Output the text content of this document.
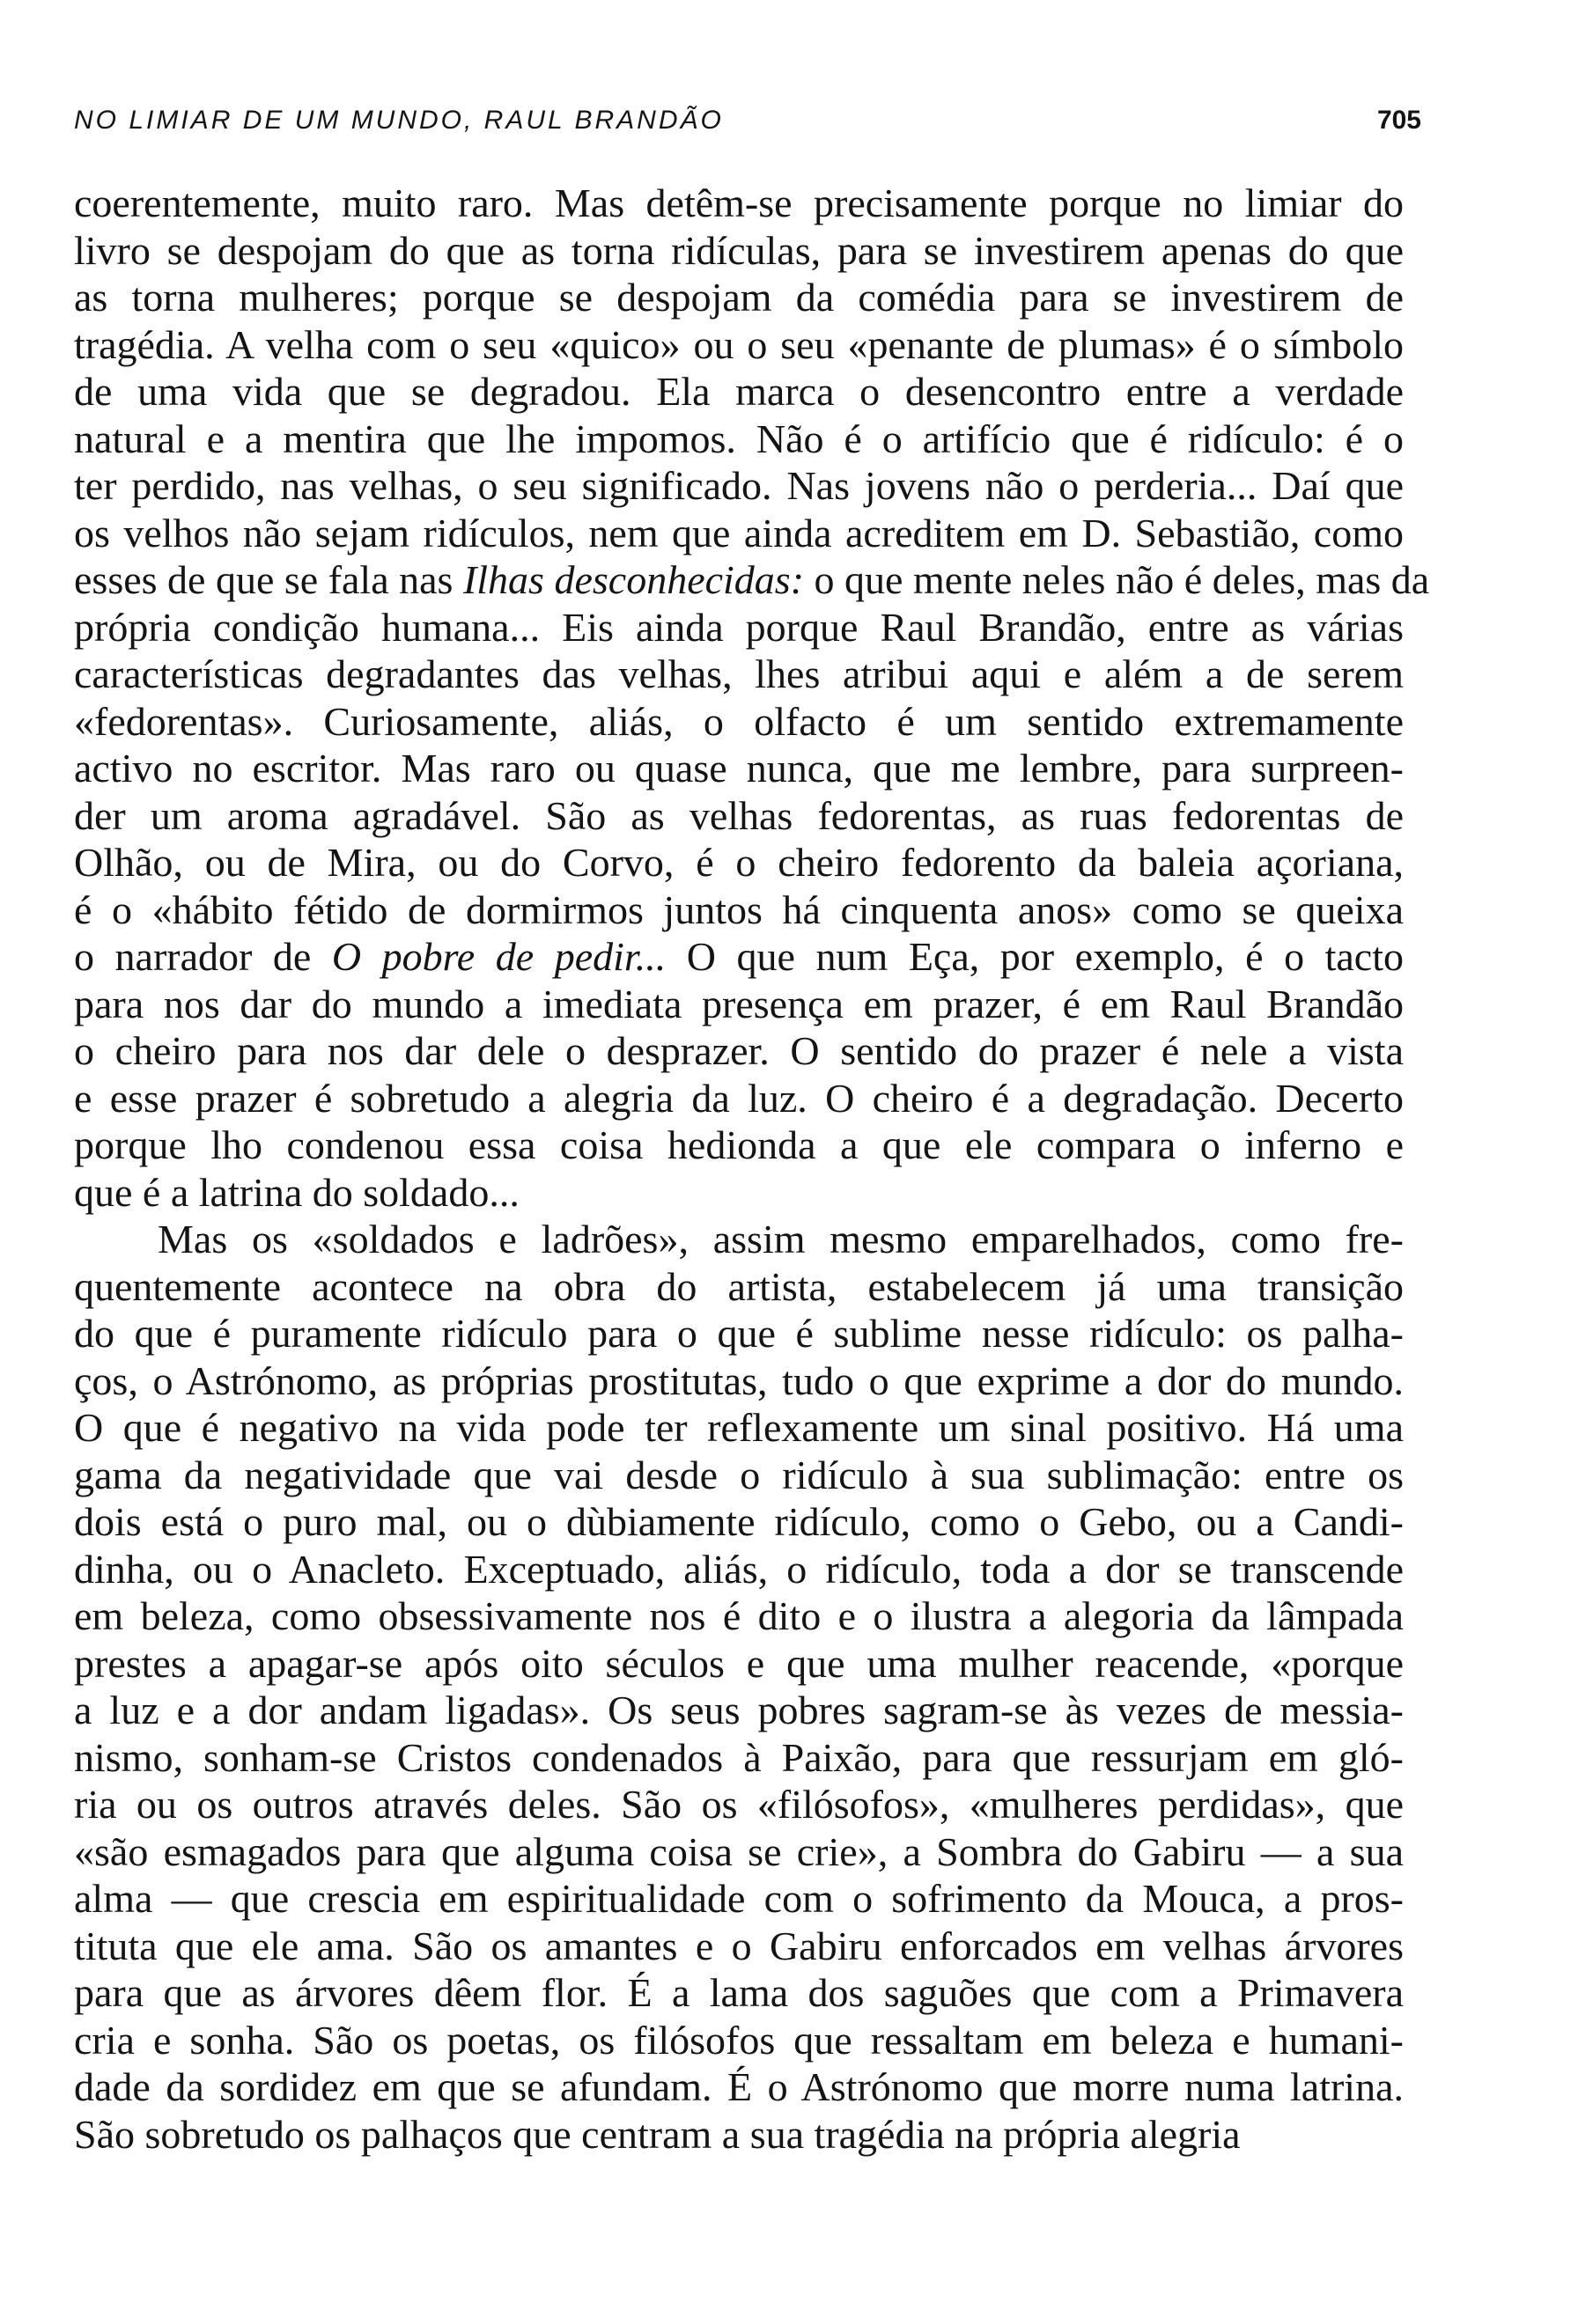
NO LIMIAR DE UM MUNDO, RAUL BRANDÃO	705
coerentemente, muito raro. Mas detêm-se precisamente porque no limiar do
livro se despojam do que as torna ridículas, para se investirem apenas do que
as torna mulheres; porque se despojam da comédia para se investirem de
tragédia. A velha com o seu «quico» ou o seu «penante de plumas» é o símbolo
de uma vida que se degradou. Ela marca o desencontro entre a verdade
natural e a mentira que lhe impomos. Não é o artifício que é ridículo: é o
ter perdido, nas velhas, o seu significado. Nas jovens não o perderia... Daí que
os velhos não sejam ridículos, nem que ainda acreditem em D. Sebastião, como
esses de que se fala nas Ilhas desconhecidas: o que mente neles não é deles, mas da
própria condição humana... Eis ainda porque Raul Brandão, entre as várias
características degradantes das velhas, lhes atribui aqui e além a de serem
«fedorentas». Curiosamente, aliás, o olfacto é um sentido extremamente
activo no escritor. Mas raro ou quase nunca, que me lembre, para surpreen-
der um aroma agradável. São as velhas fedorentas, as ruas fedorentas de
Olhão, ou de Mira, ou do Corvo, é o cheiro fedorento da baleia açoriana,
é o «hábito fétido de dormirmos juntos há cinquenta anos» como se queixa
o narrador de O pobre de pedir... O que num Eça, por exemplo, é o tacto
para nos dar do mundo a imediata presença em prazer, é em Raul Brandão
o cheiro para nos dar dele o desprazer. O sentido do prazer é nele a vista
e esse prazer é sobretudo a alegria da luz. O cheiro é a degradação. Decerto
porque lho condenou essa coisa hedionda a que ele compara o inferno e
que é a latrina do soldado...
Mas os «soldados e ladrões», assim mesmo emparelhados, como fre-
quentemente acontece na obra do artista, estabelecem já uma transição
do que é puramente ridículo para o que é sublime nesse ridículo: os palha-
ços, o Astrónomo, as próprias prostitutas, tudo o que exprime a dor do mundo.
O que é negativo na vida pode ter reflexamente um sinal positivo. Há uma
gama da negatividade que vai desde o ridículo à sua sublimação: entre os
dois está o puro mal, ou o dùbiamente ridículo, como o Gebo, ou a Candi-
dinha, ou o Anacleto. Exceptuado, aliás, o ridículo, toda a dor se transcende
em beleza, como obsessivamente nos é dito e o ilustra a alegoria da lâmpada
prestes a apagar-se após oito séculos e que uma mulher reacende, «porque
a luz e a dor andam ligadas». Os seus pobres sagram-se às vezes de messia-
nismo, sonham-se Cristos condenados à Paixão, para que ressurjam em gló-
ria ou os outros através deles. São os «filósofos», «mulheres perdidas», que
«são esmagados para que alguma coisa se crie», a Sombra do Gabiru — a sua
alma — que crescia em espiritualidade com o sofrimento da Mouca, a pros-
tituta que ele ama. São os amantes e o Gabiru enforcados em velhas árvores
para que as árvores dêem flor. É a lama dos saguões que com a Primavera
cria e sonha. São os poetas, os filósofos que ressaltam em beleza e humani-
dade da sordidez em que se afundam. É o Astrónomo que morre numa latrina.
São sobretudo os palhaços que centram a sua tragédia na própria alegria
